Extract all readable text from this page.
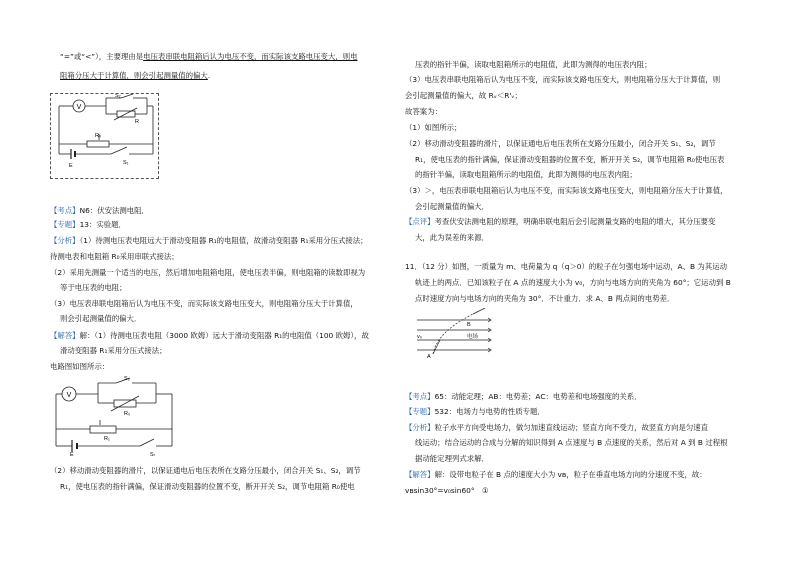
“=”或“<”），主要理由是电压表串联电阻箱后认为电压不变，而实际该支路电压变大，则电
阻箱分压大于计算值，则会引起测量值的偏大.
V
S₂
R
R₀
E	S₁
【考点】N6：伏安法测电阻．
【专题】13：实验题．
【分析】（1）待测电压表电阻远大于滑动变阻器 R₁的电阻值，故滑动变阻器 R₁采用分压式接法；
待测电表和电阻箱 R₀采用串联式接法；
（2）采用先测量一个适当的电压，然后增加电阻箱电阻，使电压表半偏，则电阻箱的读数即视为
等于电压表的电阻；
（3）电压表串联电阻箱后认为电压不变，而实际该支路电压变大，则电阻箱分压大于计算值，
则会引起测量值的偏大．
【解答】解：（1）待测电压表电阻（3000 欧姆）远大于滑动变阻器 R₁的电阻值（100 欧姆），故
滑动变阻器 R₁采用分压式接法；
电路图如图所示：
V
S₂
R₀
R₁
E	S₁
（2）移动滑动变阻器的滑片，以保证通电后电压表所在支路分压最小，闭合开关 S₁、S₂，调节
R₁，使电压表的指针满偏，保证滑动变阻器的位置不变，断开开关 S₂，调节电阻箱 R₀使电
压表的指针半偏，读取电阻箱所示的电阻值，此即为测得的电压表内阻；
（3）电压表串联电阻箱后认为电压不变，而实际该支路电压变大，则电阻箱分压大于计算值，则
会引起测量值的偏大，故 Rᵥ＜R'ᵥ；
故答案为：
（1）如图所示；
（2）移动滑动变阻器的滑片，以保证通电后电压表所在支路分压最小，闭合开关 S₁、S₂，调节
R₁，使电压表的指针满偏，保证滑动变阻器的位置不变，断开开关 S₂，调节电阻箱 R₀使电压表
的指针半偏，读取电阻箱所示的电阻值，此即为测得的电压表内阻；
（3）＞，电压表串联电阻箱后认为电压不变，而实际该支路电压变大，则电阻箱分压大于计算值，
会引起测量值的偏大．
【点评】考查伏安法测电阻的原理，明确串联电阻后会引起测量支路的电阻的增大，其分压要变
大，此为误差的来源．
11．（12 分）如图，一质量为 m、电荷量为 q（q＞0）的粒子在匀强电场中运动，A、B 为其运动
轨迹上的两点．已知该粒子在 A 点的速度大小为 v₀，方向与电场方向的夹角为 60°；它运动到 B
点时速度方向与电场方向的夹角为 30°．不计重力．求 A、B 两点间的电势差．
v₀
B
A
电场
【考点】65：动能定理；AB：电势差；AC：电势差和电场强度的关系．
【专题】532：电场力与电势的性质专题．
【分析】粒子水平方向受电场力，做匀加速直线运动；竖直方向不受力，故竖直方向是匀速直
线运动；结合运动的合成与分解的知识得到 A 点速度与 B 点速度的关系，然后对 A 到 B 过程根
据动能定理列式求解．
【解答】解：设带电粒子在 B 点的速度大小为 vʙ，粒子在垂直电场方向的分速度不变，故：
vʙsin30°=v₀sin60°　①
